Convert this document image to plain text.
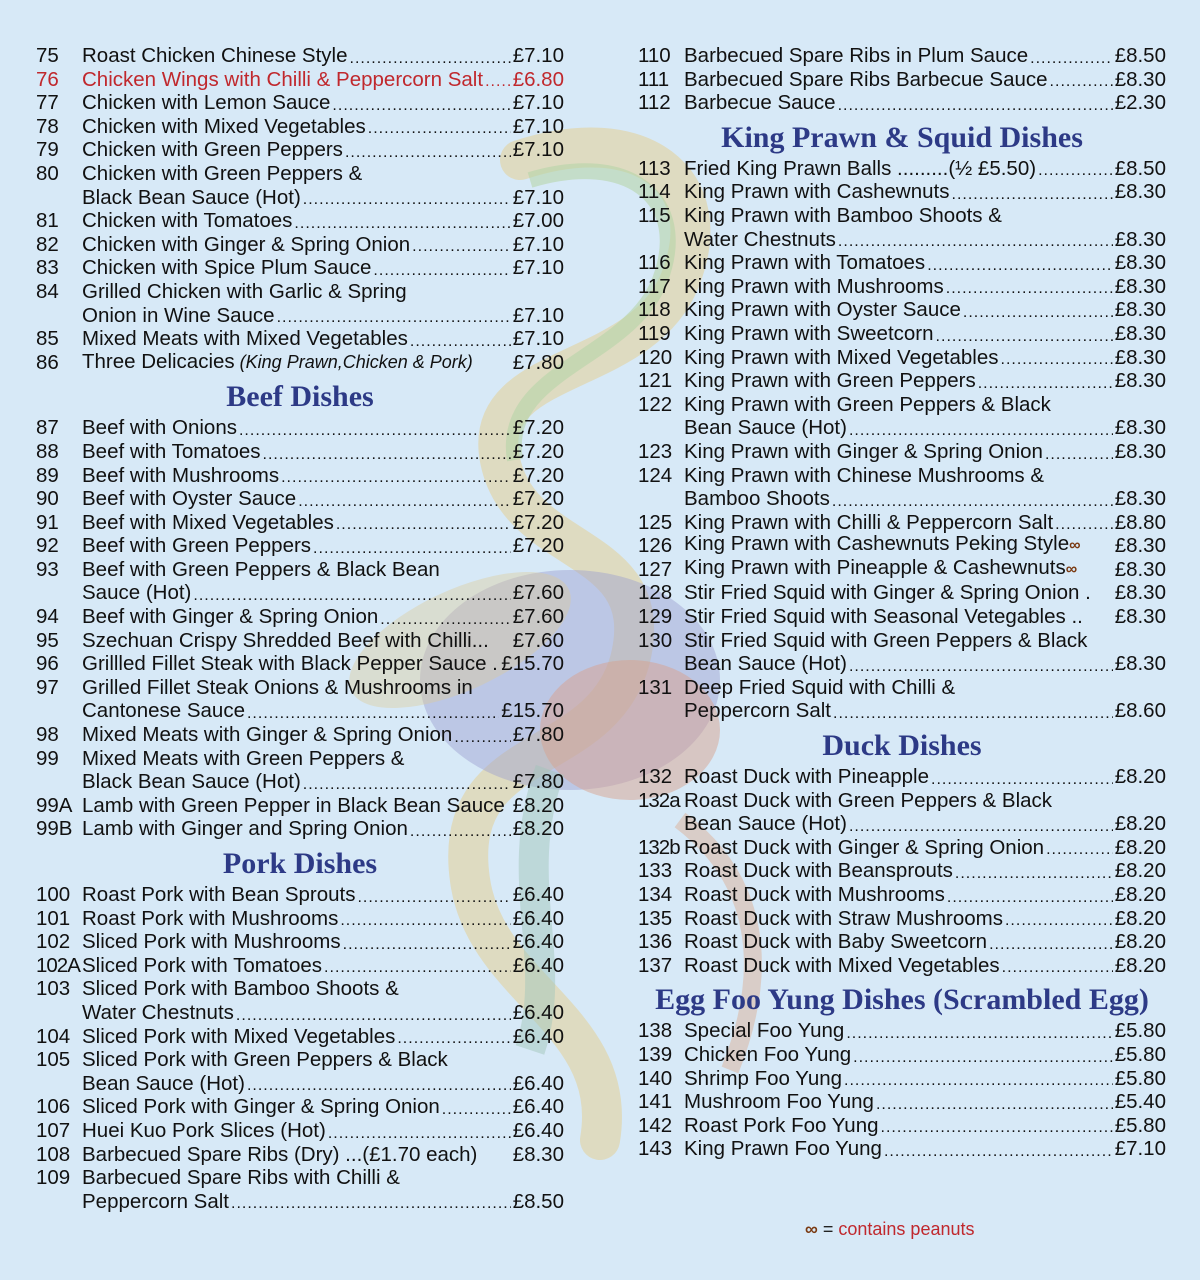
75	Roast Chicken Chinese Style .....	£7.10
76	Chicken Wings with Chilli & Peppercorn Salt ..... £6.80
77	Chicken with Lemon Sauce .....	£7.10
78	Chicken with Mixed Vegetables .....	£7.10
79	Chicken with Green Peppers .....	£7.10
80	Chicken with Green Peppers &
Black Bean Sauce (Hot) .....	£7.10
81	Chicken with Tomatoes .....	£7.00
82	Chicken with Ginger & Spring Onion .....	£7.10
83	Chicken with Spice Plum Sauce .....	£7.10
84	Grilled Chicken with Garlic & Spring
Onion in Wine Sauce .....	£7.10
85	Mixed Meats with Mixed Vegetables .....	£7.10
86	Three Delicacies (King Prawn,Chicken & Pork) £7.80
Beef Dishes
87	Beef with Onions .....	£7.20
88	Beef with Tomatoes .....	£7.20
89	Beef with Mushrooms .....	£7.20
90	Beef with Oyster Sauce .....	£7.20
91	Beef with Mixed Vegetables .....	£7.20
92	Beef with Green Peppers .....	£7.20
93	Beef with Green Peppers & Black Bean
Sauce (Hot) .....	£7.60
94	Beef with Ginger & Spring Onion .....	£7.60
95	Szechuan Crispy Shredded Beef with Chilli... £7.60
96	Grillled Fillet Steak with Black Pepper Sauce . £15.70
97	Grilled Fillet Steak Onions & Mushrooms in
Cantonese Sauce .....	£15.70
98	Mixed Meats with Ginger & Spring Onion .....	£7.80
99	Mixed Meats with Green Peppers &
Black Bean Sauce (Hot) .....	£7.80
99A Lamb with Green Pepper in Black Bean Sauce £8.20
99B Lamb with Ginger and Spring Onion .....	£8.20
Pork Dishes
100 Roast Pork with Bean Sprouts .....	£6.40
101 Roast Pork with Mushrooms .....	£6.40
102 Sliced Pork with Mushrooms .....	£6.40
102A Sliced Pork with Tomatoes .....	£6.40
103 Sliced Pork with Bamboo Shoots &
Water Chestnuts .....	£6.40
104 Sliced Pork with Mixed Vegetables .....	£6.40
105 Sliced Pork with Green Peppers & Black
Bean Sauce (Hot) .....	£6.40
106 Sliced Pork with Ginger & Spring Onion .....	£6.40
107 Huei Kuo Pork Slices (Hot) .....	£6.40
108 Barbecued Spare Ribs (Dry) ...(£1.70 each) £8.30
109 Barbecued Spare Ribs with Chilli &
Peppercorn Salt .....	£8.50
110 Barbecued Spare Ribs in Plum Sauce .....	£8.50
111 Barbecued Spare Ribs Barbecue Sauce .....	£8.30
112 Barbecue Sauce .....	£2.30
King Prawn & Squid Dishes
113 Fried King Prawn Balls .........(½ £5.50) .....	£8.50
114 King Prawn with Cashewnuts .....	£8.30
115 King Prawn with Bamboo Shoots &
Water Chestnuts .....	£8.30
116 King Prawn with Tomatoes .....	£8.30
117 King Prawn with Mushrooms .....	£8.30
118 King Prawn with Oyster Sauce .....	£8.30
119 King Prawn with Sweetcorn .....	£8.30
120 King Prawn with Mixed Vegetables .....	£8.30
121 King Prawn with Green Peppers .....	£8.30
122 King Prawn with Green Peppers & Black
Bean Sauce (Hot) .....	£8.30
123 King Prawn with Ginger & Spring Onion .....	£8.30
124 King Prawn with Chinese Mushrooms &
Bamboo Shoots .....	£8.30
125 King Prawn with Chilli & Peppercorn Salt .....	£8.80
126 King Prawn with Cashewnuts Peking Style∞ £8.30
127 King Prawn with Pineapple & Cashewnuts∞ £8.30
128 Stir Fried Squid with Ginger & Spring Onion . £8.30
129 Stir Fried Squid with Seasonal Vetegables .. £8.30
130 Stir Fried Squid with Green Peppers & Black
Bean Sauce (Hot) .....	£8.30
131 Deep Fried Squid with Chilli &
Peppercorn Salt .....	£8.60
Duck Dishes
132 Roast Duck with Pineapple .....	£8.20
132a Roast Duck with Green Peppers & Black
Bean Sauce (Hot) .....	£8.20
132b Roast Duck with Ginger & Spring Onion .....	£8.20
133 Roast Duck with Beansprouts .....	£8.20
134 Roast Duck with Mushrooms .....	£8.20
135 Roast Duck with Straw Mushrooms .....	£8.20
136 Roast Duck with Baby Sweetcorn .....	£8.20
137 Roast Duck with Mixed Vegetables .....	£8.20
Egg Foo Yung Dishes (Scrambled Egg)
138 Special Foo Yung .....	£5.80
139 Chicken Foo Yung .....	£5.80
140 Shrimp Foo Yung .....	£5.80
141 Mushroom Foo Yung .....	£5.40
142 Roast Pork Foo Yung .....	£5.80
143 King Prawn Foo Yung .....	£7.10
∞ = contains peanuts
